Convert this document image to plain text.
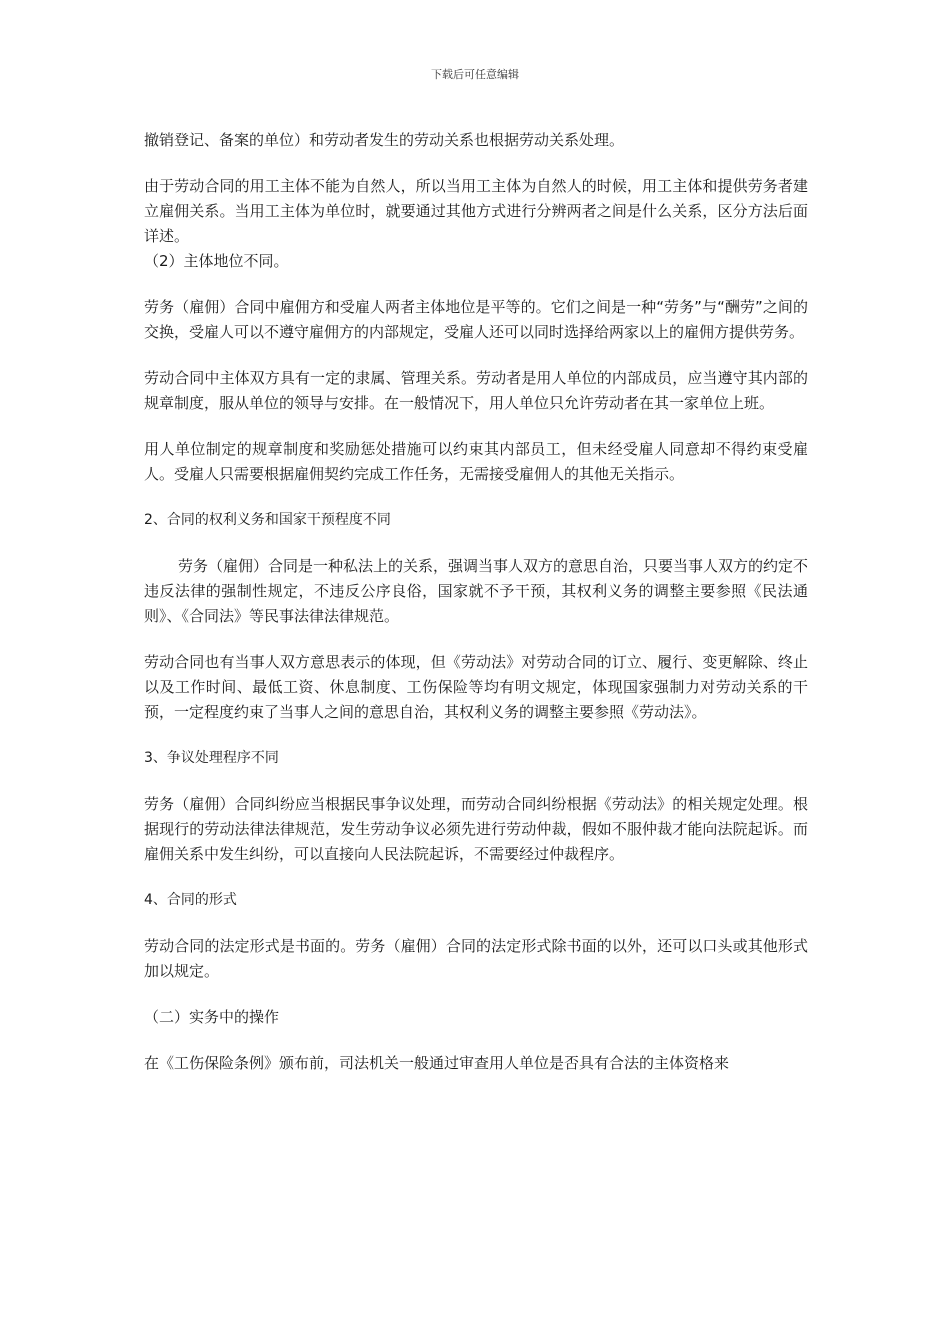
下载后可任意编辑

撤销登记、备案的单位）和劳动者发生的劳动关系也根据劳动关系处理。

由于劳动合同的用工主体不能为自然人，所以当用工主体为自然人的时候，用工主体和提供劳务者建立雇佣关系。当用工主体为单位时，就要通过其他方式进行分辨两者之间是什么关系，区分方法后面详述。

（2）主体地位不同。

劳务（雇佣）合同中雇佣方和受雇人两者主体地位是平等的。它们之间是一种“劳务”与“酬劳”之间的交换，受雇人可以不遵守雇佣方的内部规定，受雇人还可以同时选择给两家以上的雇佣方提供劳务。

劳动合同中主体双方具有一定的隶属、管理关系。劳动者是用人单位的内部成员，应当遵守其内部的规章制度，服从单位的领导与安排。在一般情况下，用人单位只允许劳动者在其一家单位上班。

用人单位制定的规章制度和奖励惩处措施可以约束其内部员工，但未经受雇人同意却不得约束受雇人。受雇人只需要根据雇佣契约完成工作任务，无需接受雇佣人的其他无关指示。

2、合同的权利义务和国家干预程度不同

劳务（雇佣）合同是一种私法上的关系，强调当事人双方的意思自治，只要当事人双方的约定不违反法律的强制性规定，不违反公序良俗，国家就不予干预，其权利义务的调整主要参照《民法通则》、《合同法》等民事法律法律规范。

劳动合同也有当事人双方意思表示的体现，但《劳动法》对劳动合同的订立、履行、变更解除、终止以及工作时间、最低工资、休息制度、工伤保险等均有明文规定，体现国家强制力对劳动关系的干预，一定程度约束了当事人之间的意思自治，其权利义务的调整主要参照《劳动法》。

3、争议处理程序不同

劳务（雇佣）合同纠纷应当根据民事争议处理，而劳动合同纠纷根据《劳动法》的相关规定处理。根据现行的劳动法律法律规范，发生劳动争议必须先进行劳动仲裁，假如不服仲裁才能向法院起诉。而雇佣关系中发生纠纷，可以直接向人民法院起诉，不需要经过仲裁程序。

4、合同的形式

劳动合同的法定形式是书面的。劳务（雇佣）合同的法定形式除书面的以外，还可以口头或其他形式加以规定。

（二）实务中的操作

在《工伤保险条例》颁布前，司法机关一般通过审查用人单位是否具有合法的主体资格来
